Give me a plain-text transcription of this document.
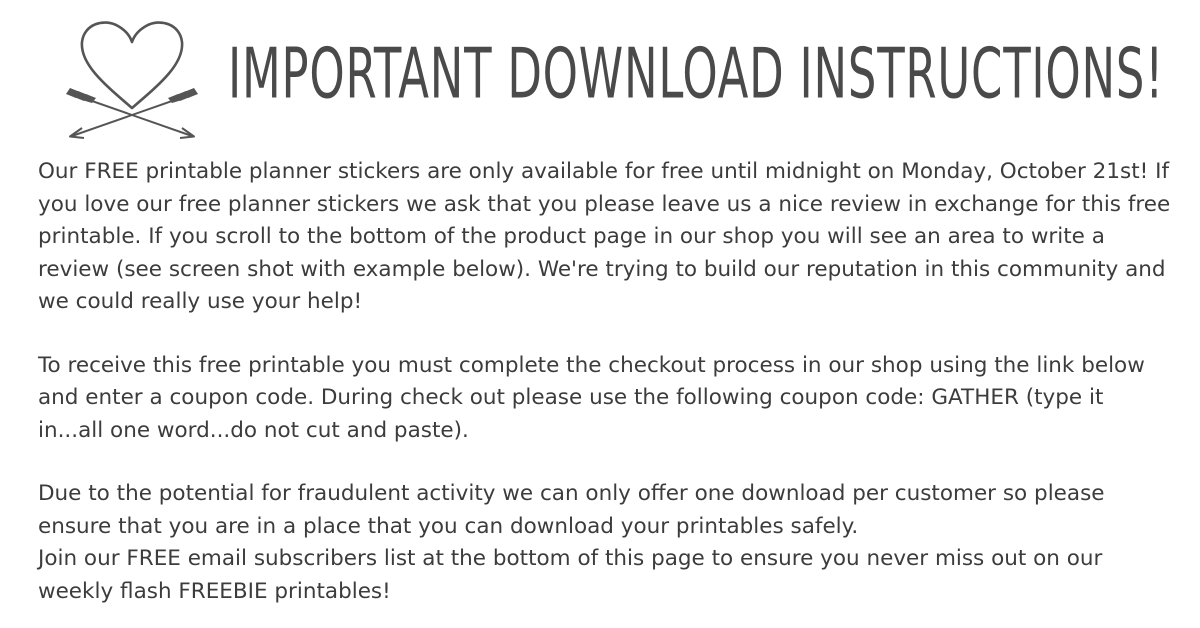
IMPORTANT DOWNLOAD INSTRUCTIONS!

Our FREE printable planner stickers are only available for free until midnight on Monday, October 21st! If you love our free planner stickers we ask that you please leave us a nice review in exchange for this free printable. If you scroll to the bottom of the product page in our shop you will see an area to write a review (see screen shot with example below). We're trying to build our reputation in this community and we could really use your help!

To receive this free printable you must complete the checkout process in our shop using the link below and enter a coupon code. During check out please use the following coupon code: GATHER (type it in...all one word...do not cut and paste).

Due to the potential for fraudulent activity we can only offer one download per customer so please ensure that you are in a place that you can download your printables safely.

Join our FREE email subscribers list at the bottom of this page to ensure you never miss out on our weekly flash FREEBIE printables!
